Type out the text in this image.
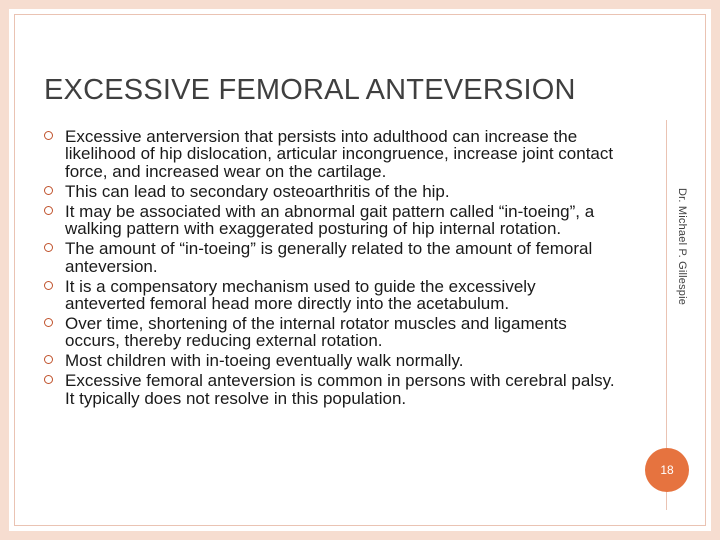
EXCESSIVE FEMORAL ANTEVERSION
Excessive anterversion that persists into adulthood can increase the likelihood of hip dislocation, articular incongruence, increase joint contact force, and increased wear on the cartilage.
This can lead to secondary osteoarthritis of the hip.
It may be associated with an abnormal gait pattern called “in-toeing”, a walking pattern with exaggerated posturing of hip internal rotation.
The amount of “in-toeing” is generally related to the amount of femoral anteversion.
It is a compensatory mechanism used to guide the excessively anteverted femoral head more directly into the acetabulum.
Over time, shortening of the internal rotator muscles and ligaments occurs, thereby reducing external rotation.
Most children with in-toeing eventually walk normally.
Excessive femoral anteversion is common in persons with cerebral palsy. It typically does not resolve in this population.
Dr. Michael P. Gillespie
18
